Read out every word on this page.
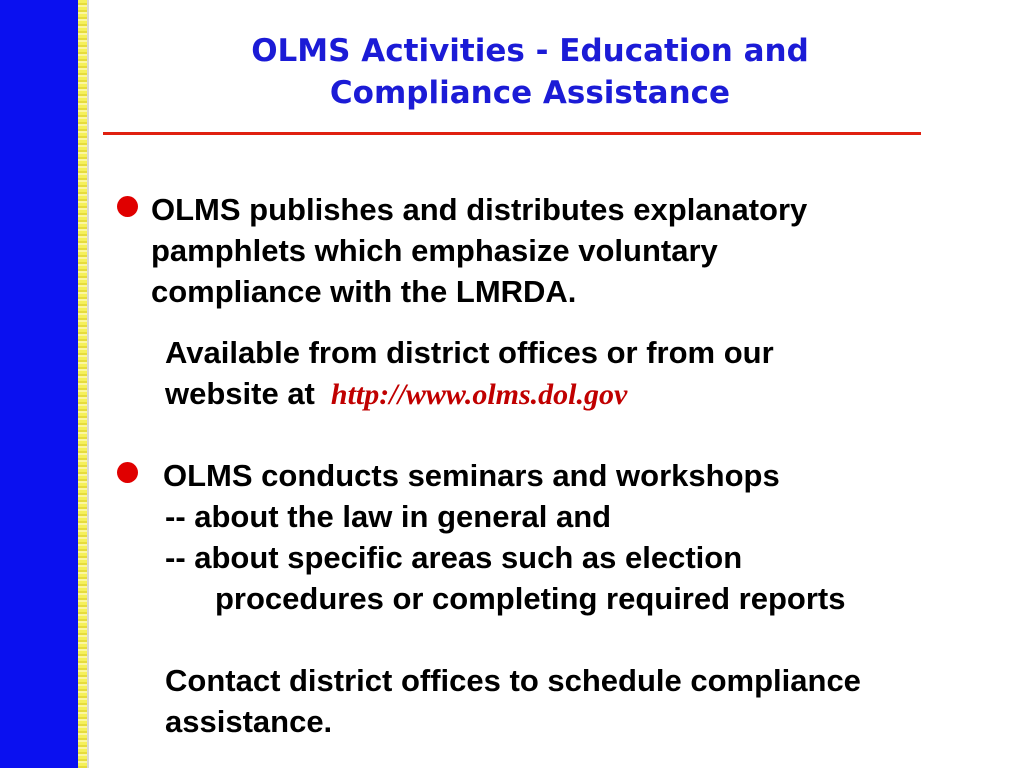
OLMS Activities - Education and
Compliance Assistance

OLMS publishes and distributes explanatory
pamphlets which emphasize voluntary
compliance with the LMRDA.

Available from district offices or from our
website at http://www.olms.dol.gov

OLMS conducts seminars and workshops

-- about the law in general and
-- about specific areas such as election
procedures or completing required reports

Contact district offices to schedule compliance
assistance.
